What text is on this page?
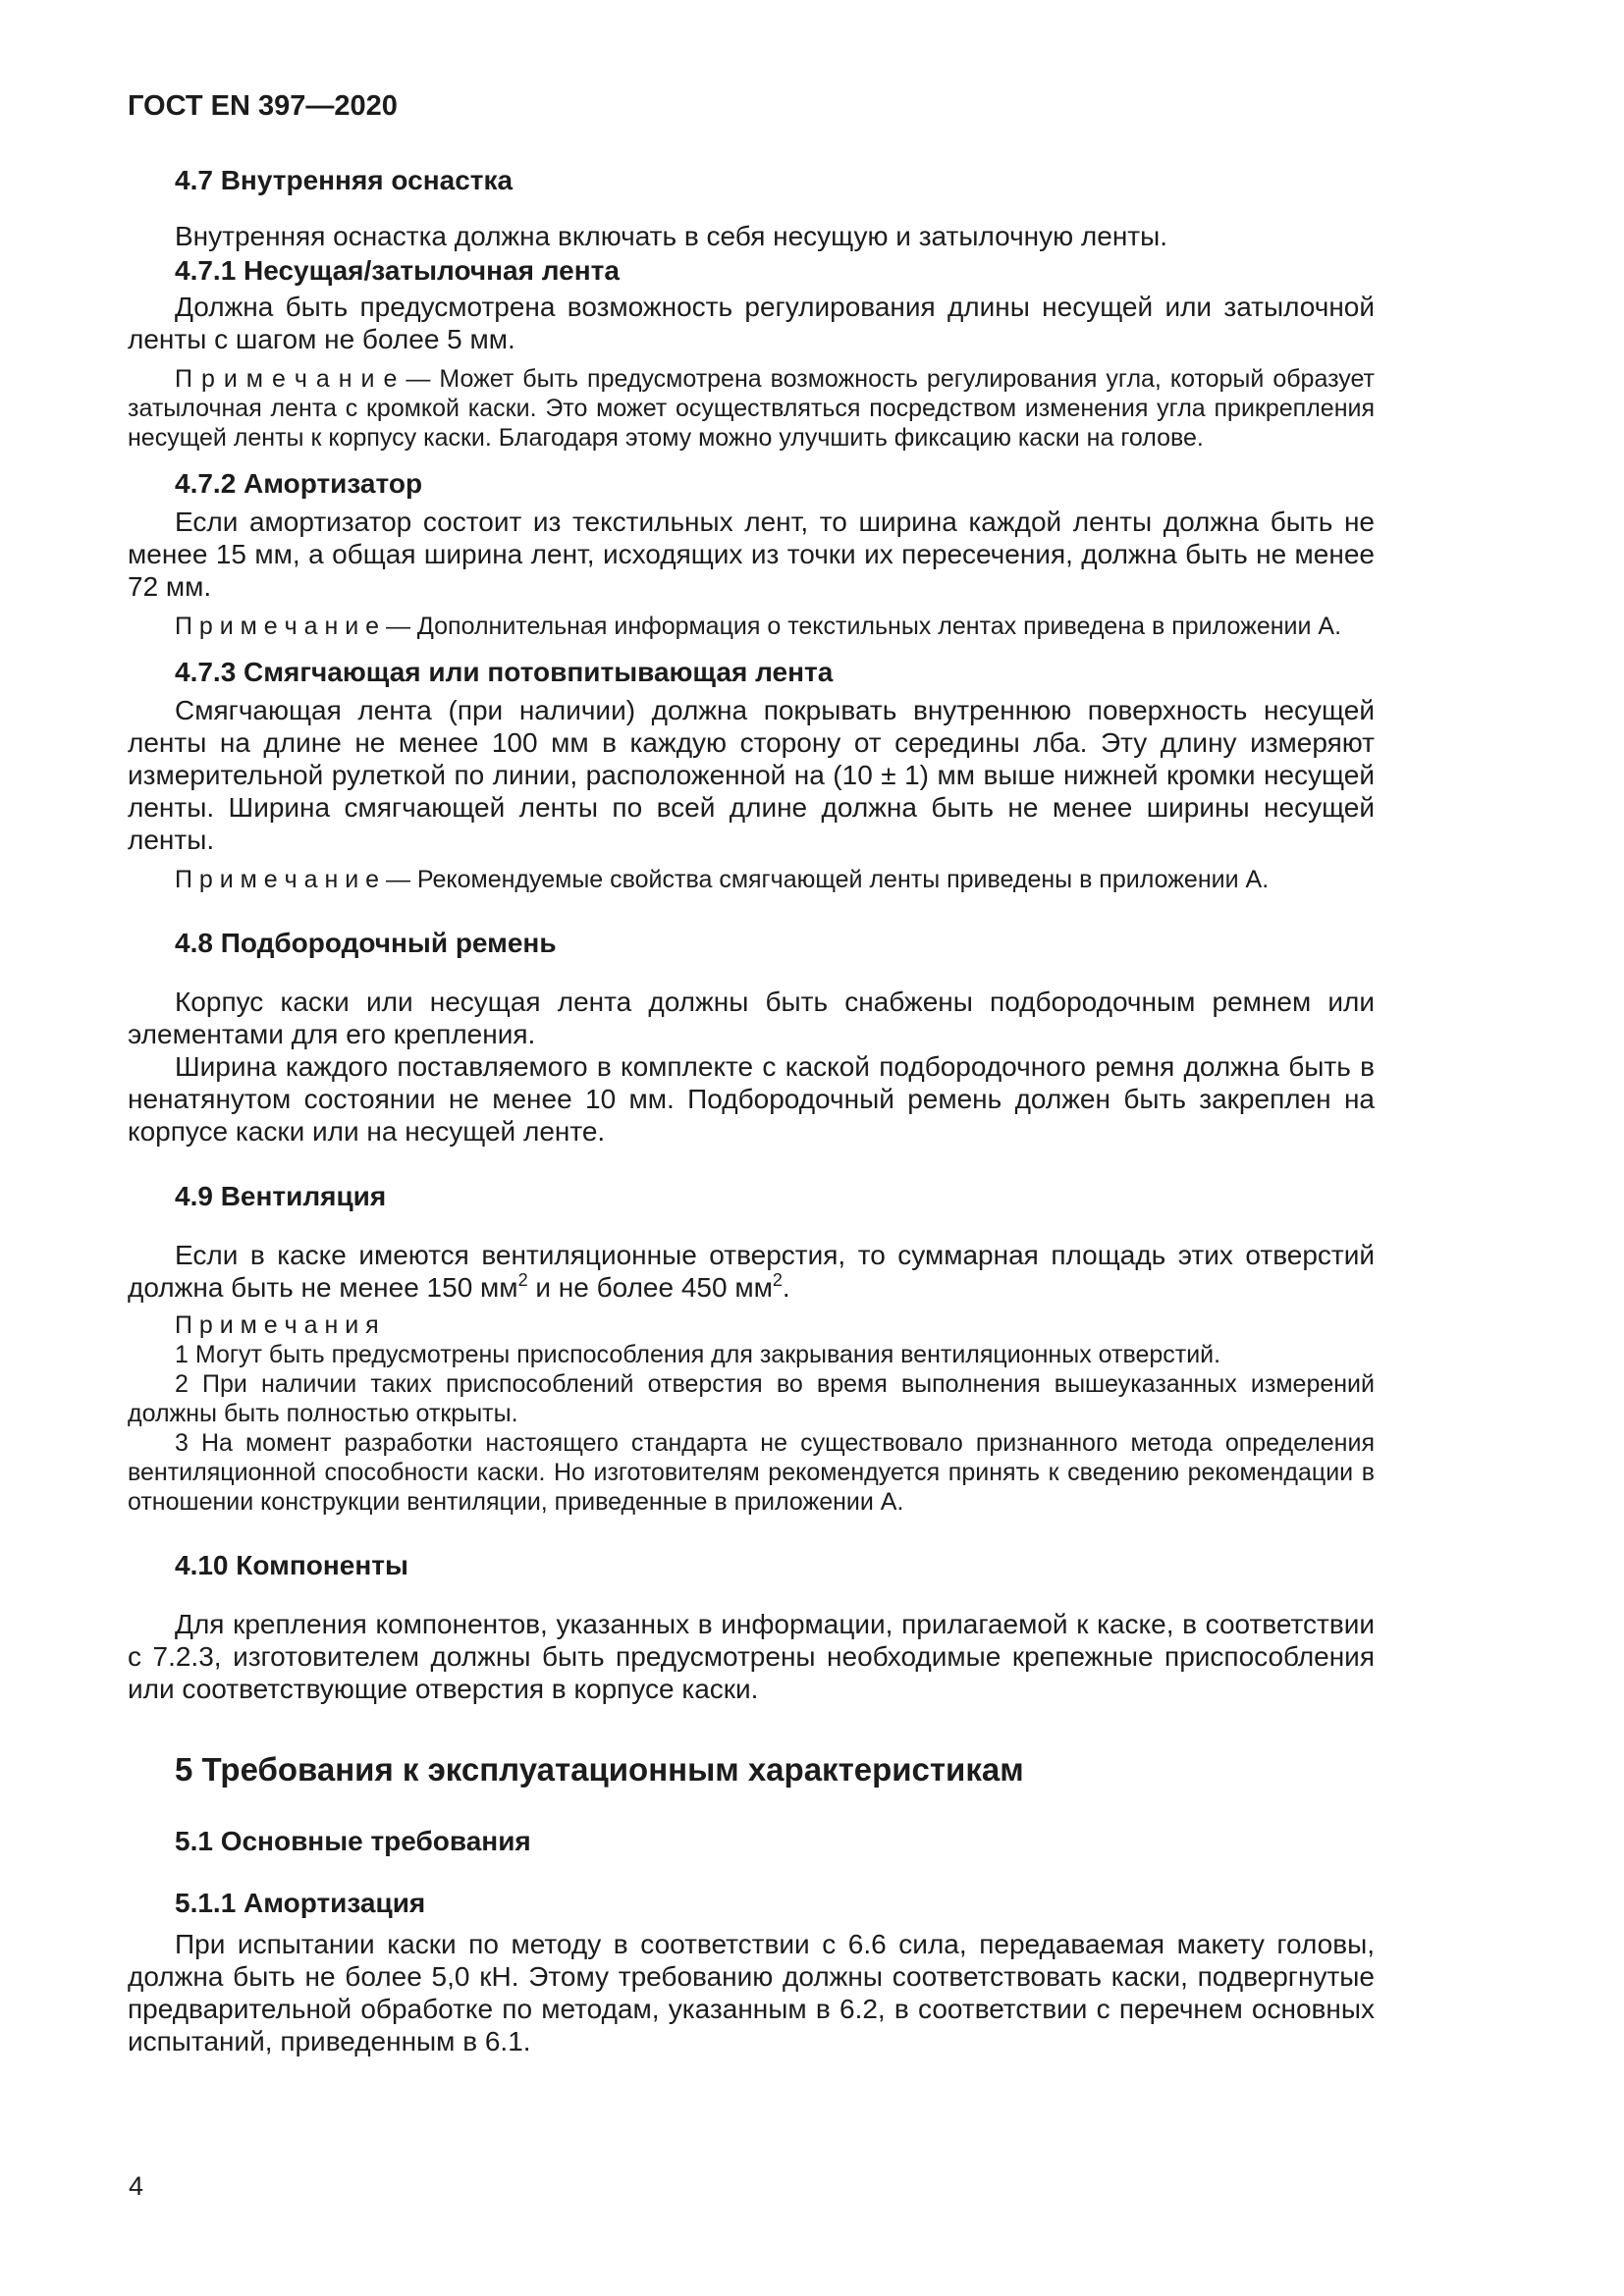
ГОСТ EN 397—2020
4.7 Внутренняя оснастка

Внутренняя оснастка должна включать в себя несущую и затылочную ленты.

4.7.1 Несущая/затылочная лента

Должна быть предусмотрена возможность регулирования длины несущей или затылочной ленты с шагом не более 5 мм.

П р и м е ч а н и е — Может быть предусмотрена возможность регулирования угла, который образует затылочная лента с кромкой каски. Это может осуществляться посредством изменения угла прикрепления несущей ленты к корпусу каски. Благодаря этому можно улучшить фиксацию каски на голове.

4.7.2 Амортизатор

Если амортизатор состоит из текстильных лент, то ширина каждой ленты должна быть не менее 15 мм, а общая ширина лент, исходящих из точки их пересечения, должна быть не менее 72 мм.

П р и м е ч а н и е — Дополнительная информация о текстильных лентах приведена в приложении А.

4.7.3 Смягчающая или потовпитывающая лента

Смягчающая лента (при наличии) должна покрывать внутреннюю поверхность несущей ленты на длине не менее 100 мм в каждую сторону от середины лба. Эту длину измеряют измерительной рулеткой по линии, расположенной на (10 ± 1) мм выше нижней кромки несущей ленты. Ширина смягчающей ленты по всей длине должна быть не менее ширины несущей ленты.

П р и м е ч а н и е — Рекомендуемые свойства смягчающей ленты приведены в приложении А.

4.8 Подбородочный ремень

Корпус каски или несущая лента должны быть снабжены подбородочным ремнем или элементами для его крепления.

Ширина каждого поставляемого в комплекте с каской подбородочного ремня должна быть в ненатянутом состоянии не менее 10 мм. Подбородочный ремень должен быть закреплен на корпусе каски или на несущей ленте.

4.9 Вентиляция

Если в каске имеются вентиляционные отверстия, то суммарная площадь этих отверстий должна быть не менее 150 $мм^2$ и не более 450 $мм^2$.

П р и м е ч а н и я

1 Могут быть предусмотрены приспособления для закрывания вентиляционных отверстий.

2 При наличии таких приспособлений отверстия во время выполнения вышеуказанных измерений должны быть полностью открыты.

3 На момент разработки настоящего стандарта не существовало признанного метода определения вентиляционной способности каски. Но изготовителям рекомендуется принять к сведению рекомендации в отношении конструкции вентиляции, приведенные в приложении А.

4.10 Компоненты

Для крепления компонентов, указанных в информации, прилагаемой к каске, в соответствии с 7.2.3, изготовителем должны быть предусмотрены необходимые крепежные приспособления или соответствующие отверстия в корпусе каски.

5 Требования к эксплуатационным характеристикам
5.1 Основные требования
5.1.1 Амортизация

При испытании каски по методу в соответствии с 6.6 сила, передаваемая макету головы, должна быть не более 5,0 кН. Этому требованию должны соответствовать каски, подвергнутые предварительной обработке по методам, указанным в 6.2, в соответствии с перечнем основных испытаний, приведенным в 6.1.

4
